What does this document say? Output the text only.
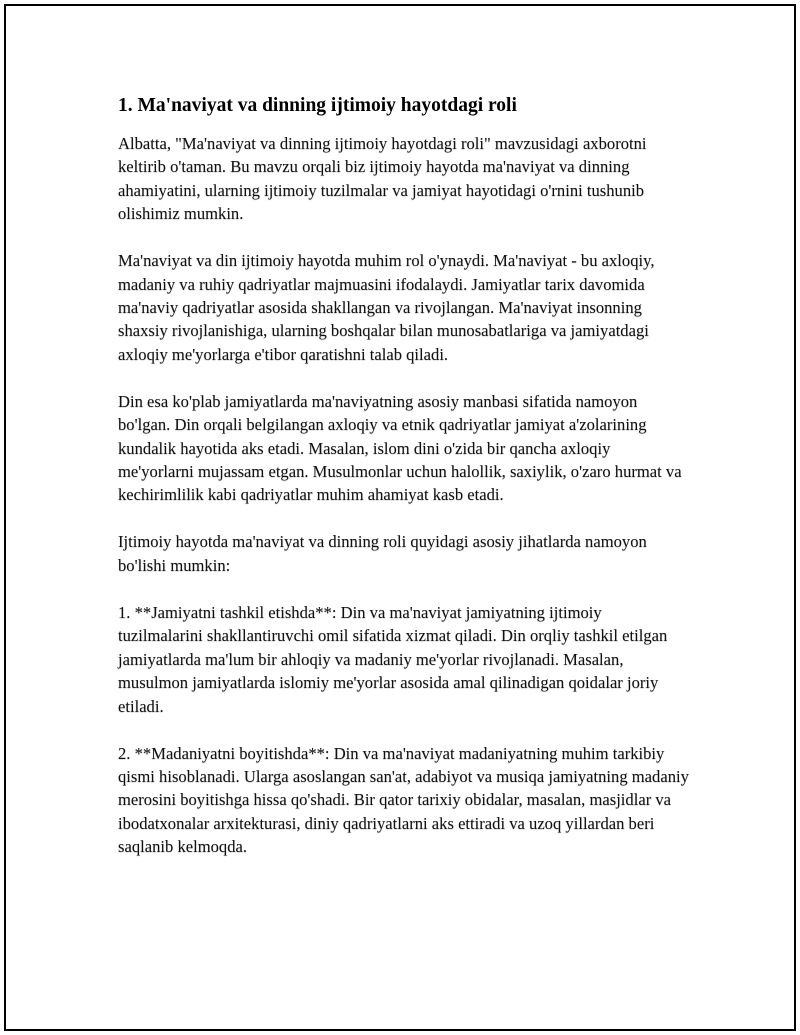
1. Ma'naviyat va dinning ijtimoiy hayotdagi roli

Albatta, "Ma'naviyat va dinning ijtimoiy hayotdagi roli" mavzusidagi axborotni keltirib o'taman. Bu mavzu orqali biz ijtimoiy hayotda ma'naviyat va dinning ahamiyatini, ularning ijtimoiy tuzilmalar va jamiyat hayotidagi o'rnini tushunib olishimiz mumkin.

Ma'naviyat va din ijtimoiy hayotda muhim rol o'ynaydi. Ma'naviyat - bu axloqiy, madaniy va ruhiy qadriyatlar majmuasini ifodalaydi. Jamiyatlar tarix davomida ma'naviy qadriyatlar asosida shakllangan va rivojlangan. Ma'naviyat insonning shaxsiy rivojlanishiga, ularning boshqalar bilan munosabatlariga va jamiyatdagi axloqiy me'yorlarga e'tibor qaratishni talab qiladi.

Din esa ko'plab jamiyatlarda ma'naviyatning asosiy manbasi sifatida namoyon bo'lgan. Din orqali belgilangan axloqiy va etnik qadriyatlar jamiyat a'zolarining kundalik hayotida aks etadi. Masalan, islom dini o'zida bir qancha axloqiy me'yorlarni mujassam etgan. Musulmonlar uchun halollik, saxiylik, o'zaro hurmat va kechirimlilik kabi qadriyatlar muhim ahamiyat kasb etadi.

Ijtimoiy hayotda ma'naviyat va dinning roli quyidagi asosiy jihatlarda namoyon bo'lishi mumkin:

1. **Jamiyatni tashkil etishda**: Din va ma'naviyat jamiyatning ijtimoiy tuzilmalarini shakllantiruvchi omil sifatida xizmat qiladi. Din orqliy tashkil etilgan jamiyatlarda ma'lum bir ahloqiy va madaniy me'yorlar rivojlanadi. Masalan, musulmon jamiyatlarda islomiy me'yorlar asosida amal qilinadigan qoidalar joriy etiladi.

2. **Madaniyatni boyitishda**: Din va ma'naviyat madaniyatning muhim tarkibiy qismi hisoblanadi. Ularga asoslangan san'at, adabiyot va musiqa jamiyatning madaniy merosini boyitishga hissa qo'shadi. Bir qator tarixiy obidalar, masalan, masjidlar va ibodatxonalar arxitekturasi, diniy qadriyatlarni aks ettiradi va uzoq yillardan beri saqlanib kelmoqda.
